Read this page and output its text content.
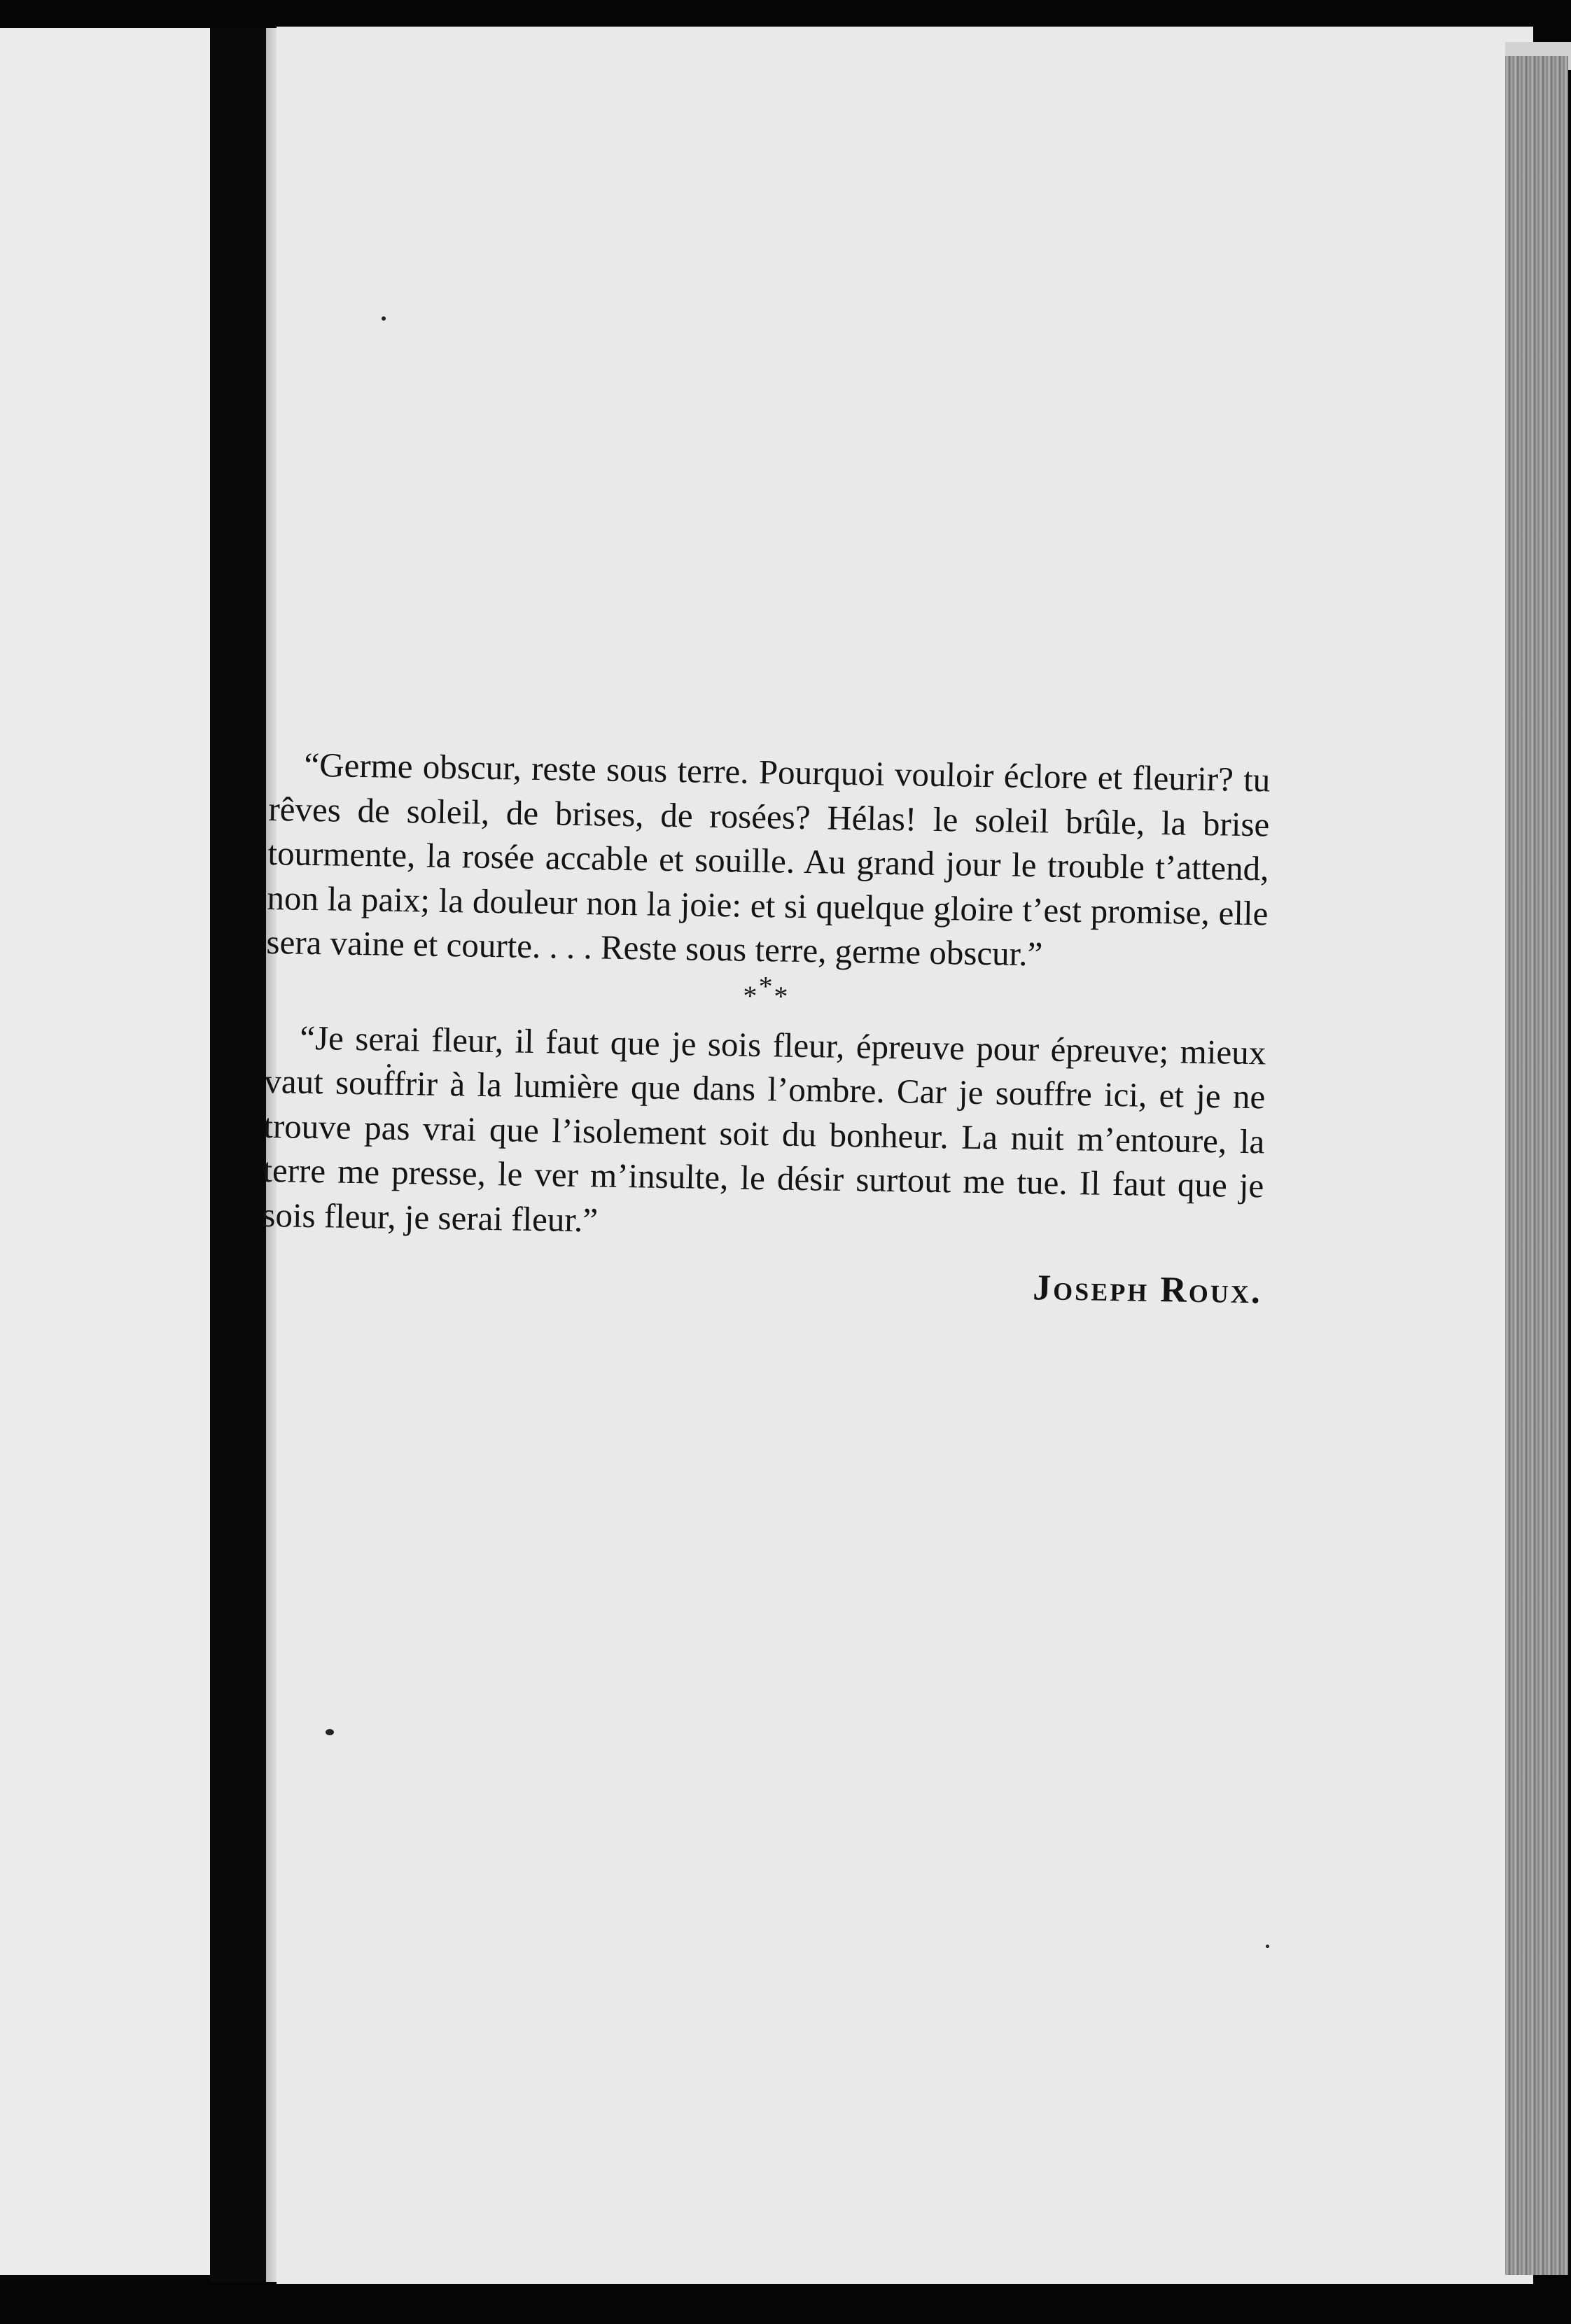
“Germe obscur, reste sous terre. Pourquoi vouloir éclore et fleurir? tu rêves de soleil, de brises, de rosées? Hélas! le soleil brûle, la brise tourmente, la rosée accable et souille. Au grand jour le trouble t’attend, non la paix; la douleur non la joie: et si quelque gloire t’est promise, elle sera vaine et courte. . . . Reste sous terre, germe obscur.”

***

“Je serai fleur, il faut que je sois fleur, épreuve pour épreuve; mieux vaut souffrir à la lumière que dans l’ombre. Car je souffre ici, et je ne trouve pas vrai que l’isolement soit du bonheur. La nuit m’entoure, la terre me presse, le ver m’insulte, le désir surtout me tue. Il faut que je sois fleur, je serai fleur.”

Joseph Roux.
